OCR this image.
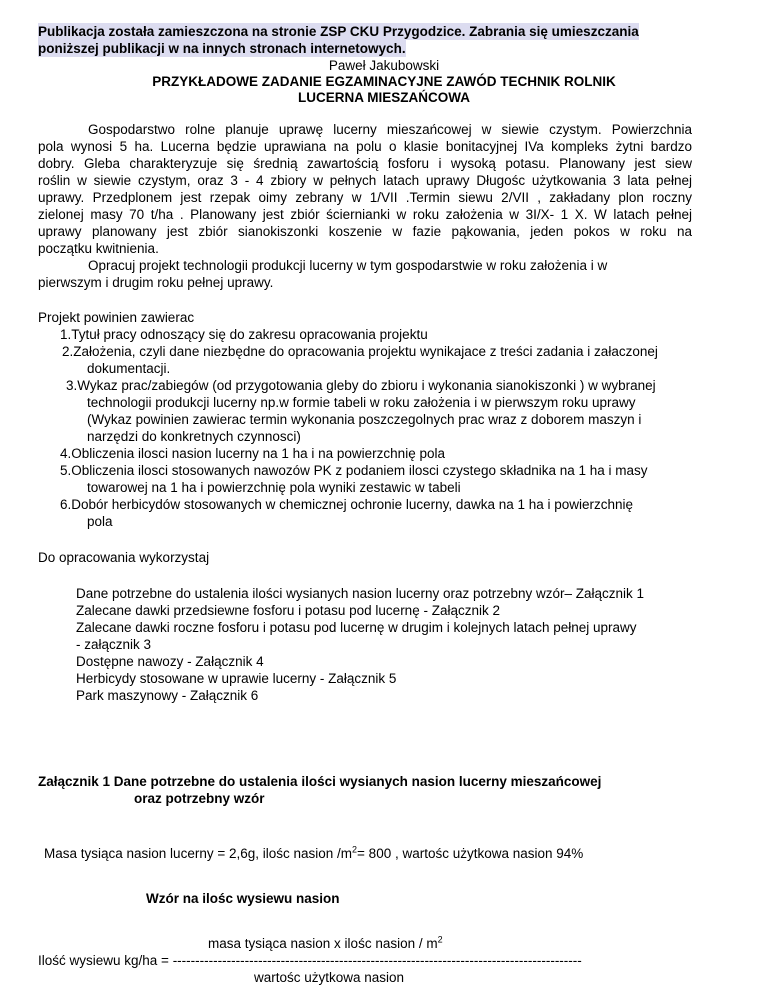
Publikacja została zamieszczona na stronie ZSP CKU Przygodzice. Zabrania się umieszczania
poniższej publikacji w na innych stronach internetowych.
Paweł Jakubowski
PRZYKŁADOWE ZADANIE EGZAMINACYJNE ZAWÓD TECHNIK ROLNIK
LUCERNA MIESZAŃCOWA
Gospodarstwo rolne planuje uprawę lucerny mieszańcowej w siewie czystym. Powierzchnia
pola wynosi 5 ha. Lucerna będzie uprawiana na polu o klasie bonitacyjnej IVa kompleks żytni bardzo
dobry. Gleba charakteryzuje się średnią zawartością fosforu i wysoką potasu. Planowany jest siew
roślin w siewie czystym, oraz 3 - 4 zbiory w pełnych latach uprawy Długośc użytkowania 3 lata pełnej
uprawy. Przedplonem jest rzepak oimy zebrany w 1/VII .Termin siewu 2/VII , zakładany plon roczny
zielonej masy 70 t/ha . Planowany jest zbiór ściernianki w roku założenia w 3I/X- 1 X. W latach pełnej
uprawy planowany jest zbiór sianokiszonki koszenie w fazie pąkowania, jeden pokos w roku na
początku kwitnienia.
Opracuj projekt technologii produkcji lucerny w tym gospodarstwie w roku założenia i w
pierwszym i drugim roku pełnej uprawy.
Projekt powinien zawierac
1.Tytuł pracy odnoszący się do zakresu opracowania projektu
2.Założenia, czyli dane niezbędne do opracowania projektu wynikajace z treści zadania i załaczonej
dokumentacji.
3.Wykaz prac/zabiegów (od przygotowania gleby do zbioru i wykonania sianokiszonki ) w wybranej
technologii produkcji lucerny np.w formie tabeli w roku założenia i w pierwszym roku uprawy
(Wykaz powinien zawierac termin wykonania poszczegolnych prac wraz z doborem maszyn i
narzędzi do konkretnych czynnosci)
4.Obliczenia ilosci nasion lucerny na 1 ha i na powierzchnię pola
5.Obliczenia ilosci stosowanych nawozów PK z podaniem ilosci czystego składnika na 1 ha i masy
towarowej na 1 ha i powierzchnię pola wyniki zestawic w tabeli
6.Dobór herbicydów stosowanych w chemicznej ochronie lucerny, dawka na 1 ha i powierzchnię
pola
Do opracowania wykorzystaj
Dane potrzebne do ustalenia ilości wysianych nasion lucerny oraz potrzebny wzór– Załącznik 1
Zalecane dawki przedsiewne fosforu i potasu pod lucernę - Załącznik 2
Zalecane dawki roczne fosforu i potasu pod lucernę w drugim i kolejnych latach pełnej uprawy
- załącznik 3
Dostępne nawozy - Załącznik 4
Herbicydy stosowane w uprawie lucerny - Załącznik 5
Park maszynowy - Załącznik 6
Załącznik 1 Dane potrzebne do ustalenia ilości wysianych nasion lucerny mieszańcowej
oraz potrzebny wzór
Masa tysiąca nasion lucerny = 2,6g, ilośc nasion $/m^2= 800$ , wartośc użytkowa nasion 94%
Wzór na ilośc wysiewu nasion
masa tysiąca nasion x ilośc nasion / $m^2$
Ilość wysiewu kg/ha = -------------------------------------------------------------------------------------------
wartośc użytkowa nasion
